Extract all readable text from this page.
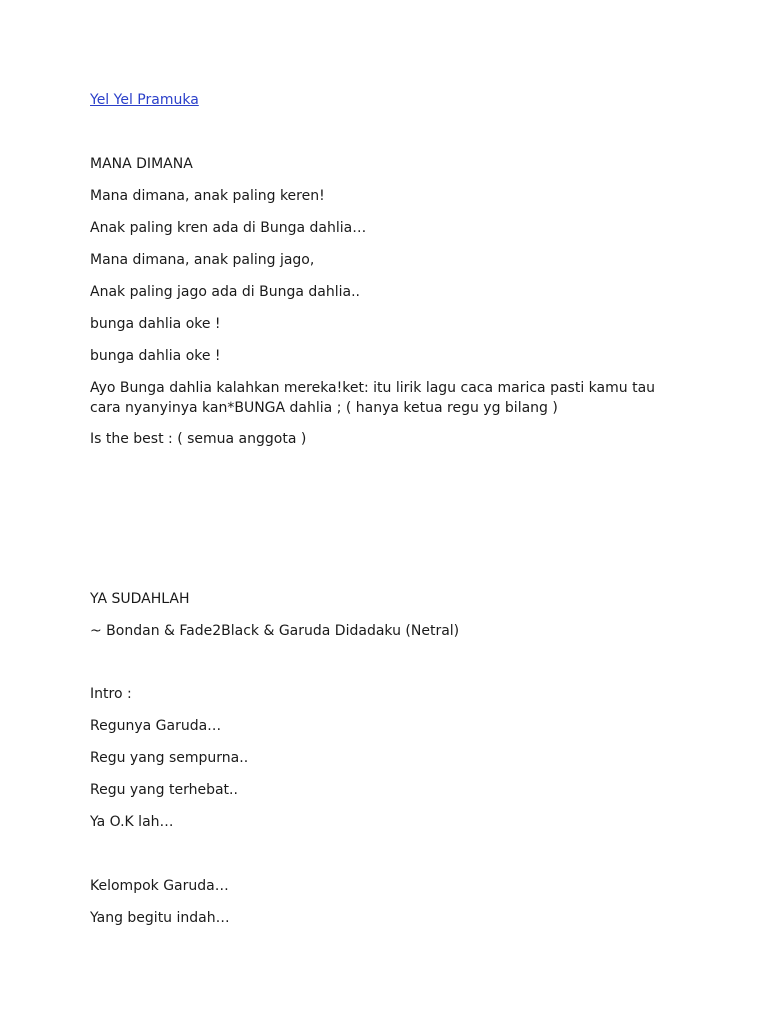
Yel Yel Pramuka
MANA DIMANA
Mana dimana, anak paling keren!
Anak paling kren ada di Bunga dahlia…
Mana dimana, anak paling jago,
Anak paling jago ada di Bunga dahlia..
bunga dahlia oke !
bunga dahlia oke !
Ayo Bunga dahlia kalahkan mereka!ket: itu lirik lagu caca marica pasti kamu tau cara nyanyinya kan*BUNGA dahlia ; ( hanya ketua regu yg bilang )
Is the best : ( semua anggota )
YA SUDAHLAH
~ Bondan & Fade2Black & Garuda Didadaku (Netral)
Intro :
Regunya Garuda…
Regu yang sempurna..
Regu yang terhebat..
Ya O.K lah…
Kelompok Garuda…
Yang begitu indah…
